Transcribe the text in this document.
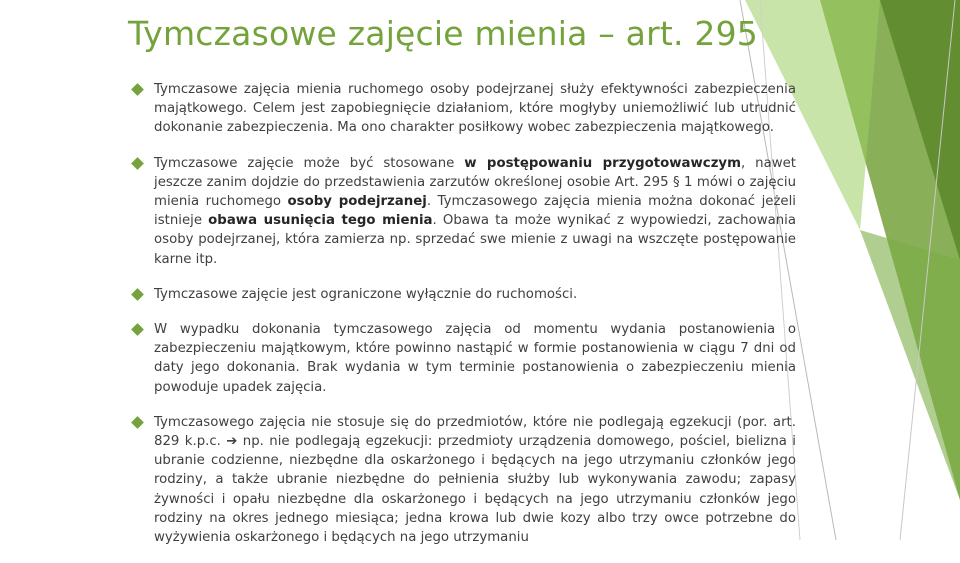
Tymczasowe zajęcie mienia – art. 295
Tymczasowe zajęcia mienia ruchomego osoby podejrzanej służy efektywności zabezpieczenia majątkowego. Celem jest zapobiegnięcie działaniom, które mogłyby uniemożliwić lub utrudnić dokonanie zabezpieczenia. Ma ono charakter posiłkowy wobec zabezpieczenia majątkowego.
Tymczasowe zajęcie może być stosowane w postępowaniu przygotowawczym, nawet jeszcze zanim dojdzie do przedstawienia zarzutów określonej osobie Art. 295 § 1 mówi o zajęciu mienia ruchomego osoby podejrzanej. Tymczasowego zajęcia mienia można dokonać jeżeli istnieje obawa usunięcia tego mienia. Obawa ta może wynikać z wypowiedzi, zachowania osoby podejrzanej, która zamierza np. sprzedać swe mienie z uwagi na wszczęte postępowanie karne itp.
Tymczasowe zajęcie jest ograniczone wyłącznie do ruchomości.
W wypadku dokonania tymczasowego zajęcia od momentu wydania postanowienia o zabezpieczeniu majątkowym, które powinno nastąpić w formie postanowienia w ciągu 7 dni od daty jego dokonania. Brak wydania w tym terminie postanowienia o zabezpieczeniu mienia powoduje upadek zajęcia.
Tymczasowego zajęcia nie stosuje się do przedmiotów, które nie podlegają egzekucji (por. art. 829 k.p.c. ➔ np. nie podlegają egzekucji: przedmioty urządzenia domowego, pościel, bielizna i ubranie codzienne, niezbędne dla oskarżonego i będących na jego utrzymaniu członków jego rodziny, a także ubranie niezbędne do pełnienia służby lub wykonywania zawodu; zapasy żywności i opału niezbędne dla oskarżonego i będących na jego utrzymaniu członków jego rodziny na okres jednego miesiąca; jedna krowa lub dwie kozy albo trzy owce potrzebne do wyżywienia oskarżonego i będących na jego utrzymaniu
